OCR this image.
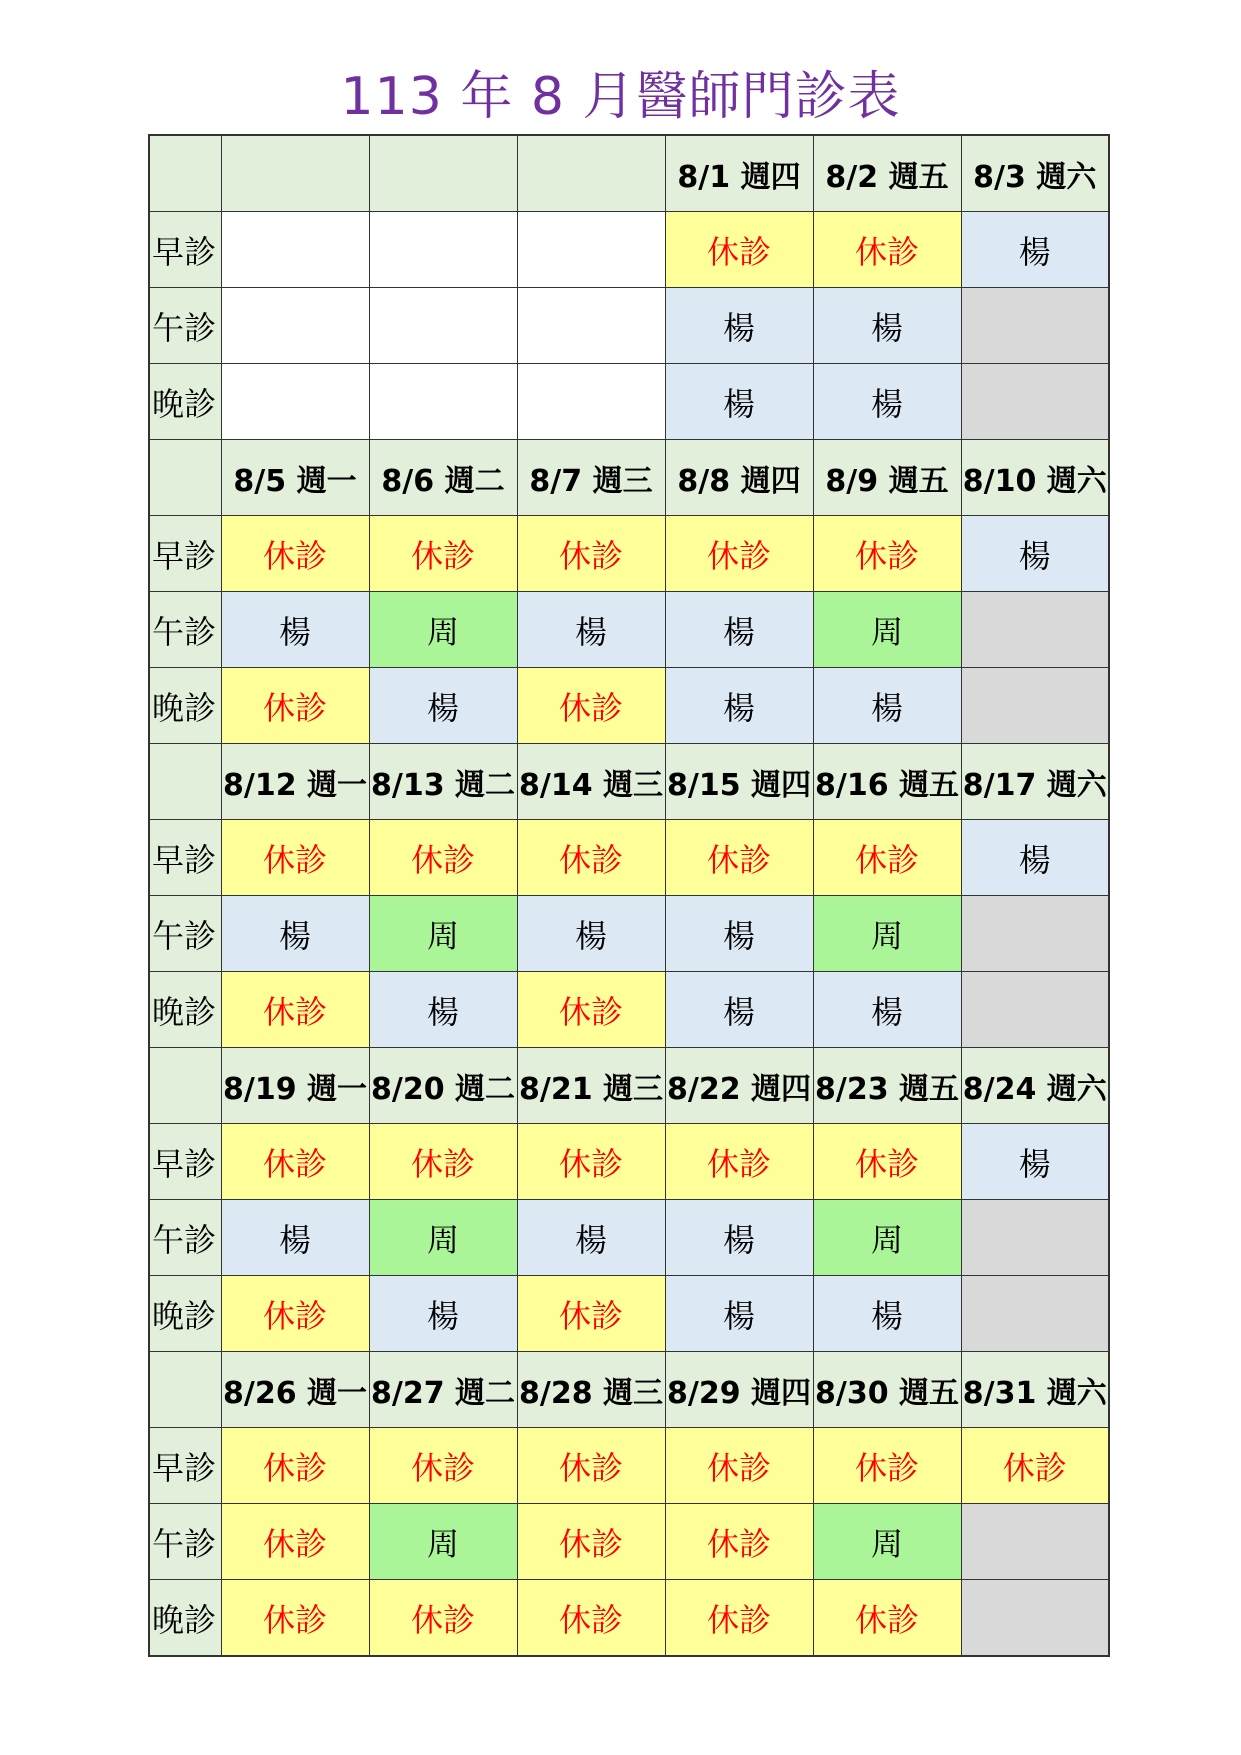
113 年 8 月醫師門診表
				8/1 週四	8/2 週五	8/3 週六
早診				休診	休診	楊
午診				楊	楊	
晚診				楊	楊	
	8/5 週一	8/6 週二	8/7 週三	8/8 週四	8/9 週五	8/10 週六
早診	休診	休診	休診	休診	休診	楊
午診	楊	周	楊	楊	周	
晚診	休診	楊	休診	楊	楊	
	8/12 週一	8/13 週二	8/14 週三	8/15 週四	8/16 週五	8/17 週六
早診	休診	休診	休診	休診	休診	楊
午診	楊	周	楊	楊	周	
晚診	休診	楊	休診	楊	楊	
	8/19 週一	8/20 週二	8/21 週三	8/22 週四	8/23 週五	8/24 週六
早診	休診	休診	休診	休診	休診	楊
午診	楊	周	楊	楊	周	
晚診	休診	楊	休診	楊	楊	
	8/26 週一	8/27 週二	8/28 週三	8/29 週四	8/30 週五	8/31 週六
早診	休診	休診	休診	休診	休診	休診
午診	休診	周	休診	休診	周	
晚診	休診	休診	休診	休診	休診	
